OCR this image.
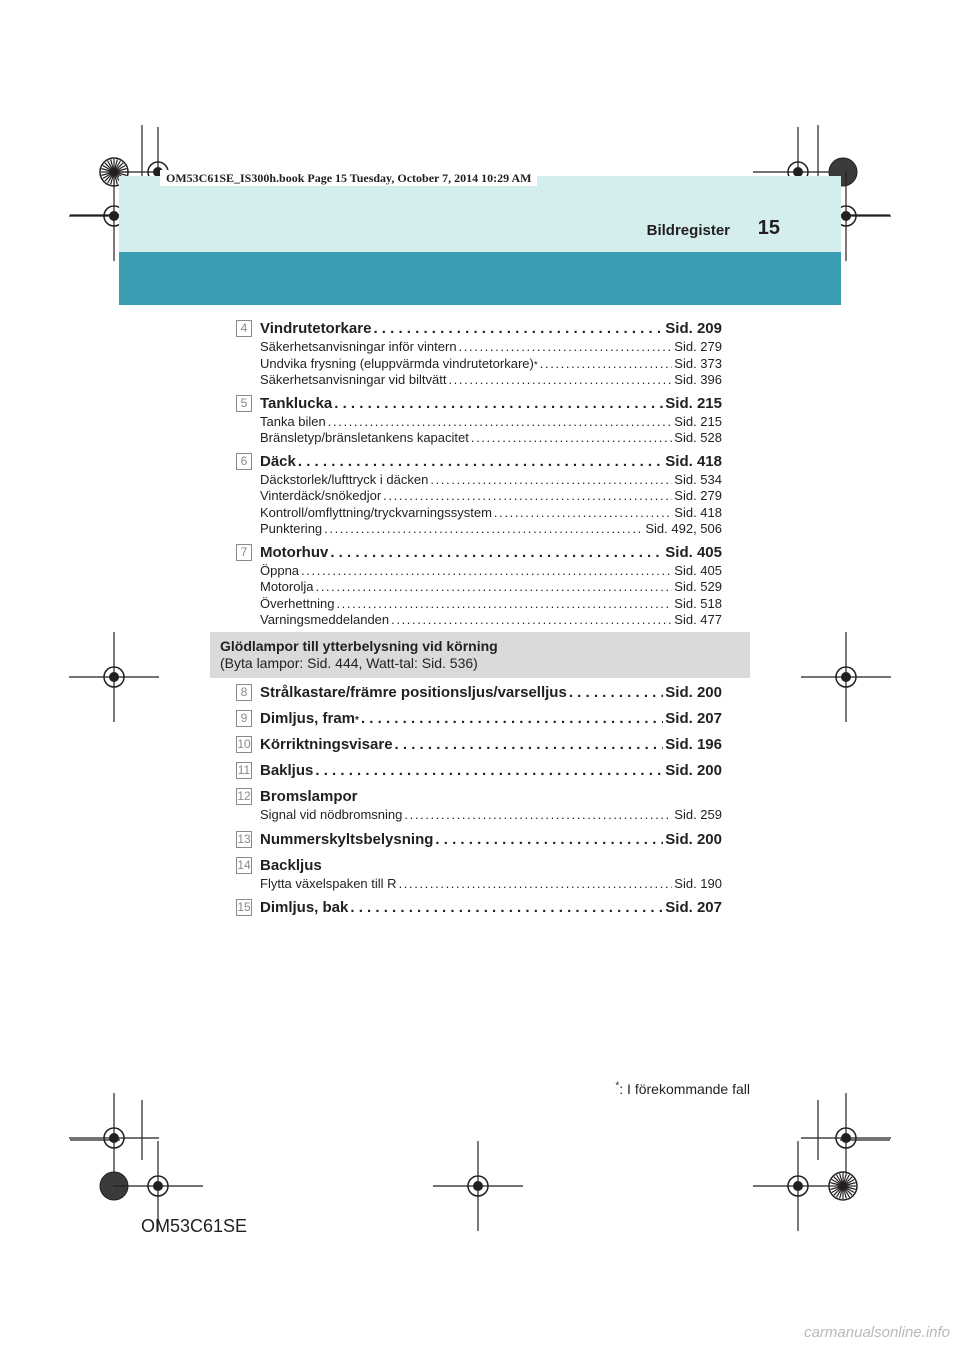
OM53C61SE_IS300h.book Page 15 Tuesday, October 7, 2014 10:29 AM
Bildregister	15
4 Vindrutetorkare . . .	Sid. 209
Säkerhetsanvisningar inför vintern . . .	Sid. 279
Undvika frysning (eluppvärmda vindrutetorkare) * . . .	Sid. 373
Säkerhetsanvisningar vid biltvätt . . .	Sid. 396
5 Tanklucka . . .	Sid. 215
Tanka bilen . . .	Sid. 215
Bränsletyp/bränsletankens kapacitet . . .	Sid. 528
6 Däck . . .	Sid. 418
Däckstorlek/lufttryck i däcken . . .	Sid. 534
Vinterdäck/snökedjor . . .	Sid. 279
Kontroll/omflyttning/tryckvarningssystem . . .	Sid. 418
Punktering . . .	Sid. 492, 506
7 Motorhuv . . .	Sid. 405
Öppna . . .	Sid. 405
Motorolja . . .	Sid. 529
Överhettning . . .	Sid. 518
Varningsmeddelanden . . .	Sid. 477
Glödlampor till ytterbelysning vid körning
(Byta lampor: Sid. 444, Watt-tal: Sid. 536)
8 Strålkastare/främre positionsljus/varselljus . . .	Sid. 200
9 Dimljus, fram * . . .	Sid. 207
10 Körriktningsvisare . . .	Sid. 196
11 Bakljus . . .	Sid. 200
12 Bromslampor
Signal vid nödbromsning . . .	Sid. 259
13 Nummerskyltsbelysning . . .	Sid. 200
14 Backljus
Flytta växelspaken till R . . .	Sid. 190
15 Dimljus, bak . . .	Sid. 207
*: I förekommande fall
OM53C61SE
carmanualsonline.info
